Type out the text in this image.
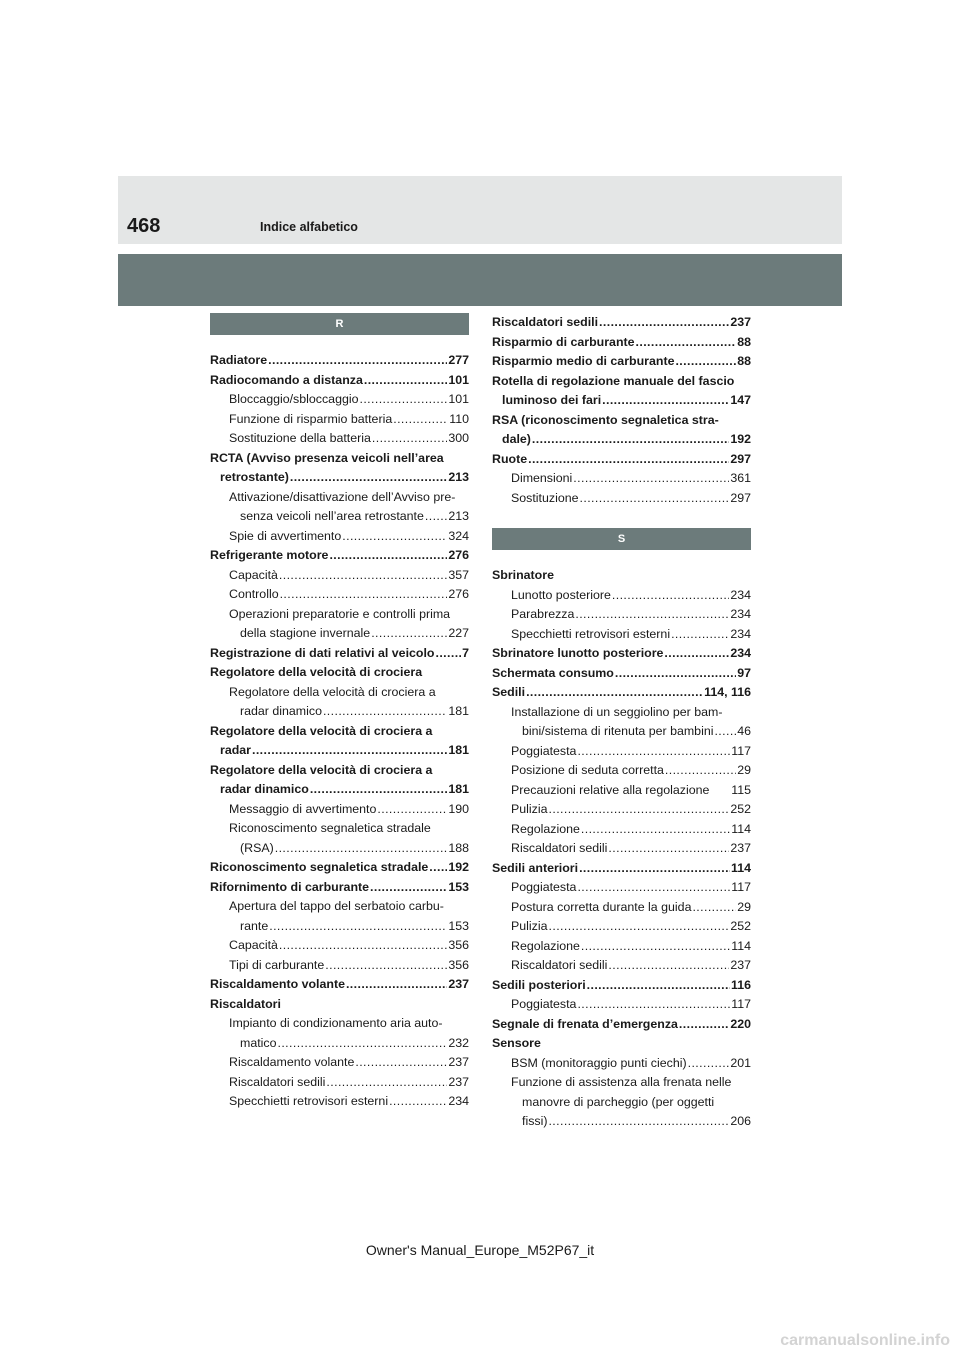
468	Indice alfabetico
R
Radiatore .....	277
Radiocomando a distanza .....	101
Bloccaggio/sbloccaggio .....	101
Funzione di risparmio batteria .....	110
Sostituzione della batteria .....	300
RCTA (Avviso presenza veicoli nell’area
retrostante) .....	213
Attivazione/disattivazione dell’Avviso pre-
senza veicoli nell’area retrostante ..... 213
Spie di avvertimento .....	324
Refrigerante motore .....	276
Capacità .....	357
Controllo .....	276
Operazioni preparatorie e controlli prima
della stagione invernale .....	227
Registrazione di dati relativi al veicolo ..... 7
Regolatore della velocità di crociera
Regolatore della velocità di crociera a
radar dinamico .....	181
Regolatore della velocità di crociera a
radar .....	181
Regolatore della velocità di crociera a
radar dinamico .....	181
Messaggio di avvertimento .....	190
Riconoscimento segnaletica stradale
(RSA) .....	188
Riconoscimento segnaletica stradale ..... 192
Rifornimento di carburante .....	153
Apertura del tappo del serbatoio carbu-
rante .....	153
Capacità .....	356
Tipi di carburante .....	356
Riscaldamento volante .....	237
Riscaldatori
Impianto di condizionamento aria auto-
matico .....	232
Riscaldamento volante .....	237
Riscaldatori sedili .....	237
Specchietti retrovisori esterni .....	234
Riscaldatori sedili .....	237
Risparmio di carburante .....	88
Risparmio medio di carburante .....	88
Rotella di regolazione manuale del fascio
luminoso dei fari .....	147
RSA (riconoscimento segnaletica stra-
dale) .....	192
Ruote .....	297
Dimensioni .....	361
Sostituzione .....	297
S
Sbrinatore
Lunotto posteriore .....	234
Parabrezza .....	234
Specchietti retrovisori esterni .....	234
Sbrinatore lunotto posteriore .....	234
Schermata consumo .....	97
Sedili .....	114, 116
Installazione di un seggiolino per bam-
bini/sistema di ritenuta per bambini ..... 46
Poggiatesta .....	117
Posizione di seduta corretta .....	29
Precauzioni relative alla regolazione 115
Pulizia .....	252
Regolazione .....	114
Riscaldatori sedili .....	237
Sedili anteriori .....	114
Poggiatesta .....	117
Postura corretta durante la guida .....	29
Pulizia .....	252
Regolazione .....	114
Riscaldatori sedili .....	237
Sedili posteriori .....	116
Poggiatesta .....	117
Segnale di frenata d’emergenza .....	220
Sensore
BSM (monitoraggio punti ciechi) .....	201
Funzione di assistenza alla frenata nelle
manovre di parcheggio (per oggetti
fissi) .....	206
Owner's Manual_Europe_M52P67_it
carmanualsonline.info
